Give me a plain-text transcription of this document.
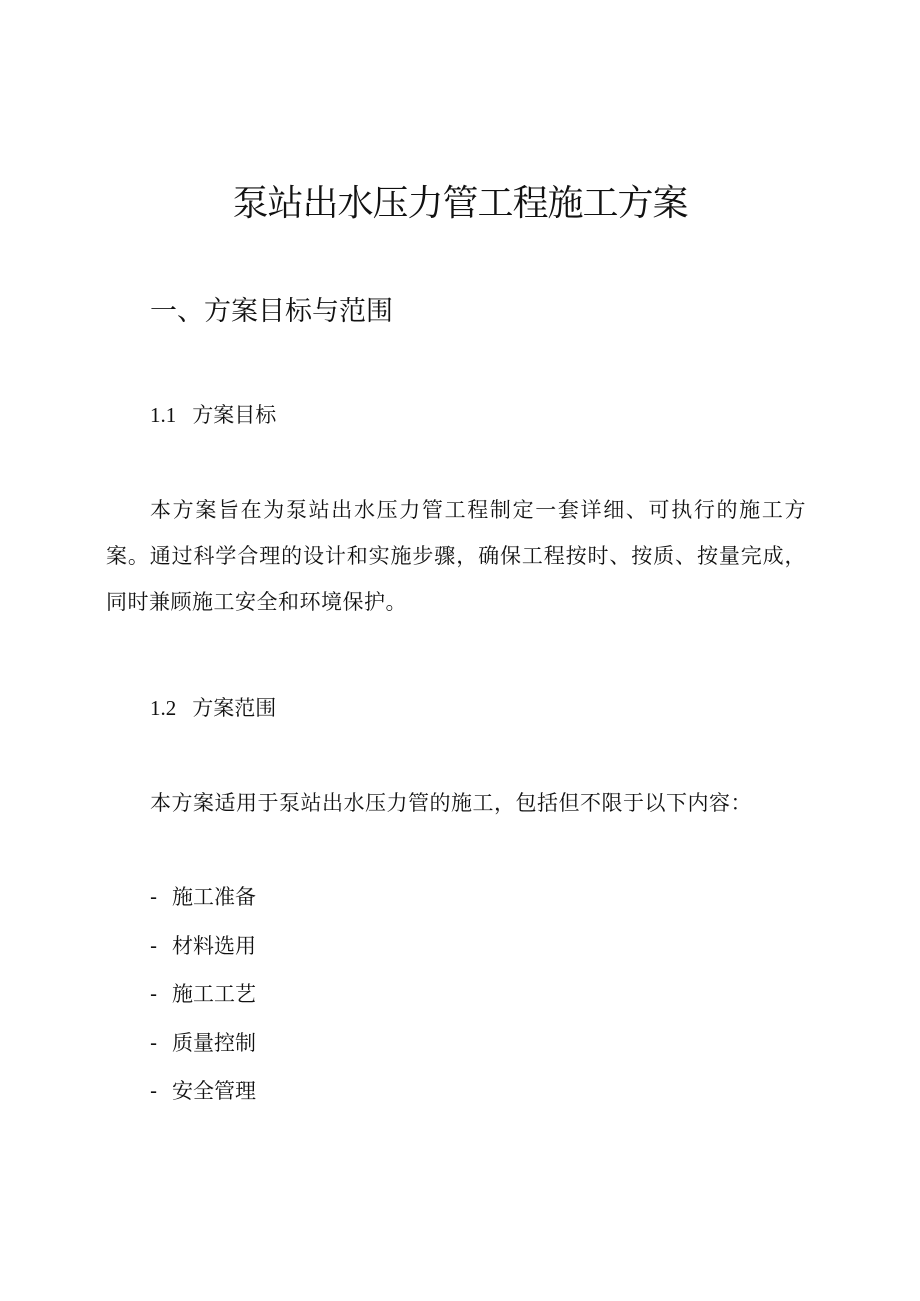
泵站出水压力管工程施工方案
一、方案目标与范围
1.1 方案目标

本方案旨在为泵站出水压力管工程制定一套详细、可执行的施工方案。通过科学合理的设计和实施步骤，确保工程按时、按质、按量完成，同时兼顾施工安全和环境保护。

1.2 方案范围

本方案适用于泵站出水压力管的施工，包括但不限于以下内容：

- 施工准备
- 材料选用
- 施工工艺
- 质量控制
- 安全管理
